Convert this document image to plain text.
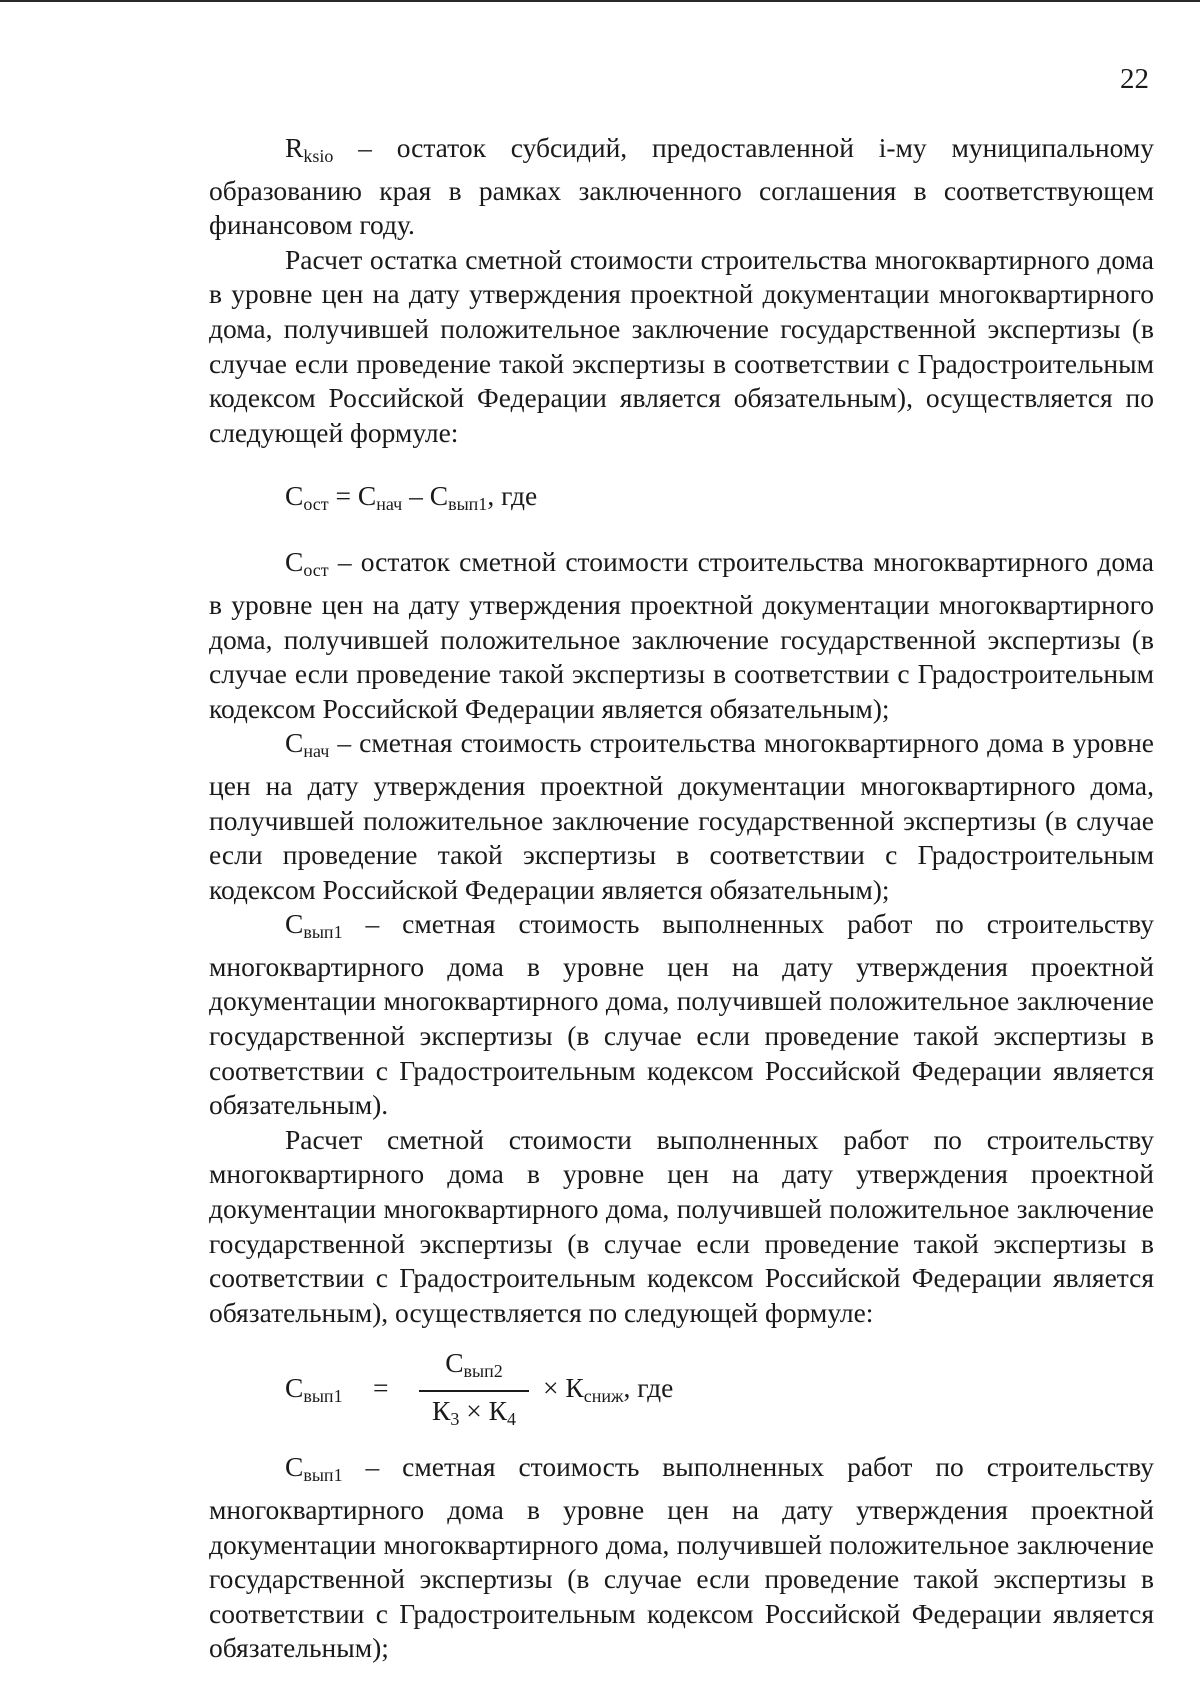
22

$R_{ksio}$ – остаток субсидий, предоставленной i-му муниципальному образованию края в рамках заключенного соглашения в соответствующем финансовом году.

Расчет остатка сметной стоимости строительства многоквартирного дома в уровне цен на дату утверждения проектной документации многоквартирного дома, получившей положительное заключение государственной экспертизы (в случае если проведение такой экспертизы в соответствии с Градостроительным кодексом Российской Федерации является обязательным), осуществляется по следующей формуле:

$С_{ост} = С_{нач} - С_{вып1}$, где

$С_{ост}$ – остаток сметной стоимости строительства многоквартирного дома в уровне цен на дату утверждения проектной документации многоквартирного дома, получившей положительное заключение государственной экспертизы (в случае если проведение такой экспертизы в соответствии с Градостроительным кодексом Российской Федерации является обязательным);

$С_{нач}$ – сметная стоимость строительства многоквартирного дома в уровне цен на дату утверждения проектной документации многоквартирного дома, получившей положительное заключение государственной экспертизы (в случае если проведение такой экспертизы в соответствии с Градостроительным кодексом Российской Федерации является обязательным);

$С_{вып1}$ – сметная стоимость выполненных работ по строительству многоквартирного дома в уровне цен на дату утверждения проектной документации многоквартирного дома, получившей положительное заключение государственной экспертизы (в случае если проведение такой экспертизы в соответствии с Градостроительным кодексом Российской Федерации является обязательным).

Расчет сметной стоимости выполненных работ по строительству многоквартирного дома в уровне цен на дату утверждения проектной документации многоквартирного дома, получившей положительное заключение государственной экспертизы (в случае если проведение такой экспертизы в соответствии с Градостроительным кодексом Российской Федерации является обязательным), осуществляется по следующей формуле:

$С_{вып1}$ =
$С_{вып2}$
$К_3 \times К_4$
× $К_{сниж}$, где

$С_{вып1}$ – сметная стоимость выполненных работ по строительству многоквартирного дома в уровне цен на дату утверждения проектной документации многоквартирного дома, получившей положительное заключение государственной экспертизы (в случае если проведение такой экспертизы в соответствии с Градостроительным кодексом Российской Федерации является обязательным);
